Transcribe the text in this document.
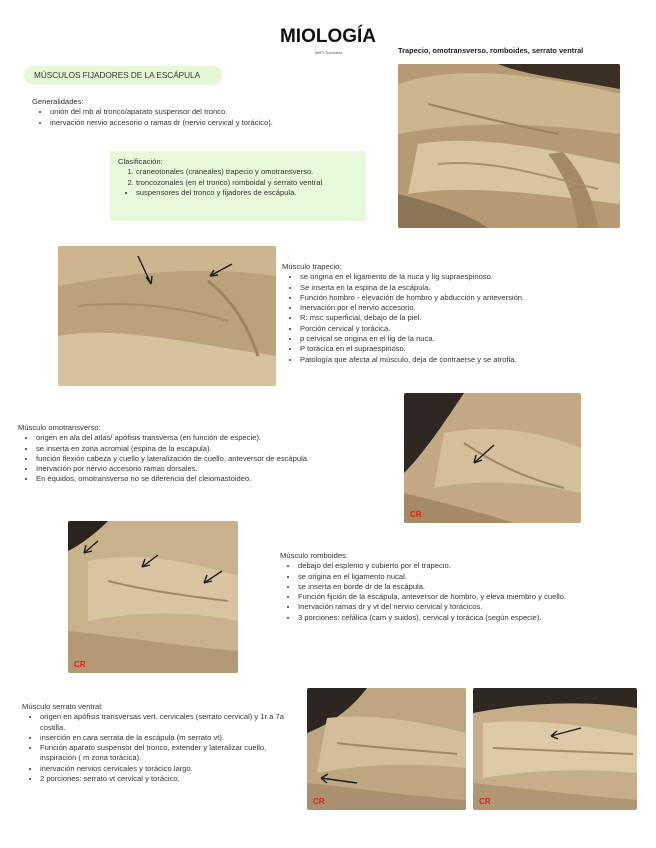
MIOLOGÍA
iMiPi-Tutoriales	Trapecio, omotransverso, romboides, serrato ventral
MÚSCULOS FIJADORES DE LA ESCÁPULA

Generalidades:

• unión del mb al tronco/aparato suspensor del tronco.
• inervación nervio accesorio o ramas dr (nervio cervical y torácico).

Clasificación:

1. craneotonales (craneales) trapecio y omotransverso.
2. troncozonales (en el tronco) romboidal y serrato ventral
• suspensores del tronco y fijadores de escápula.

Músculo trapecio:

• se origina en el ligamento de la nuca y lig supraespinoso.
• Se inserta en la espina de la escápula.
• Función hombro - elevación de hombro y abducción y anteversión.
• Inervación por el nervio accesorio.
• R: msc superficial, debajo de la piel.
• Porción cervical y torácica.
• p cervical se origina en el lig de la nuca.
• P torácica en el supraespinoso.
• Patología que afecta al músculo, deja de contraerse y se atrofia.

Músculo omotransverso:

• origen en ala del atlas/ apófisis transversa (en función de especie).
• se inserta en zona acromial (espina de la escápula).
• función flexión cabeza y cuello y lateralización de cuello, anteversor de escápula.
• Inervación por nervio accesorio ramas dorsales.
• En équidos, omotransverso no se diferencia del cleiomastoideo.
CR
CR

Músculo romboides:

• debajo del esplenio y cubierto por el trapecio.
• se origina en el ligamento nucal.
• se inserta en borde dr de la escápula.
• Función fijción de la escápula, anteversor de hombro, y eleva miembro y cuello.
• Inervación ramas dr y vt del nervio cervical y torácicos.
• 3 porciones: cefálica (cam y suidos), cervical y torácica (según especie).

Músculo serrato ventral:

• origen en apófisis transversas vert. cervicales (serrato cervical) y 1r a 7a costilla.
• inserción en cara serrata de la escápula (m serrato vt).
• Función aparato suspensor del tronco, extender y lateralizar cuello, inspiración ( m zona torácica).
• inervación nervios cervicales y torácico largo.
• 2 porciones: serrato vt cervical y torácico.
CR	CR
